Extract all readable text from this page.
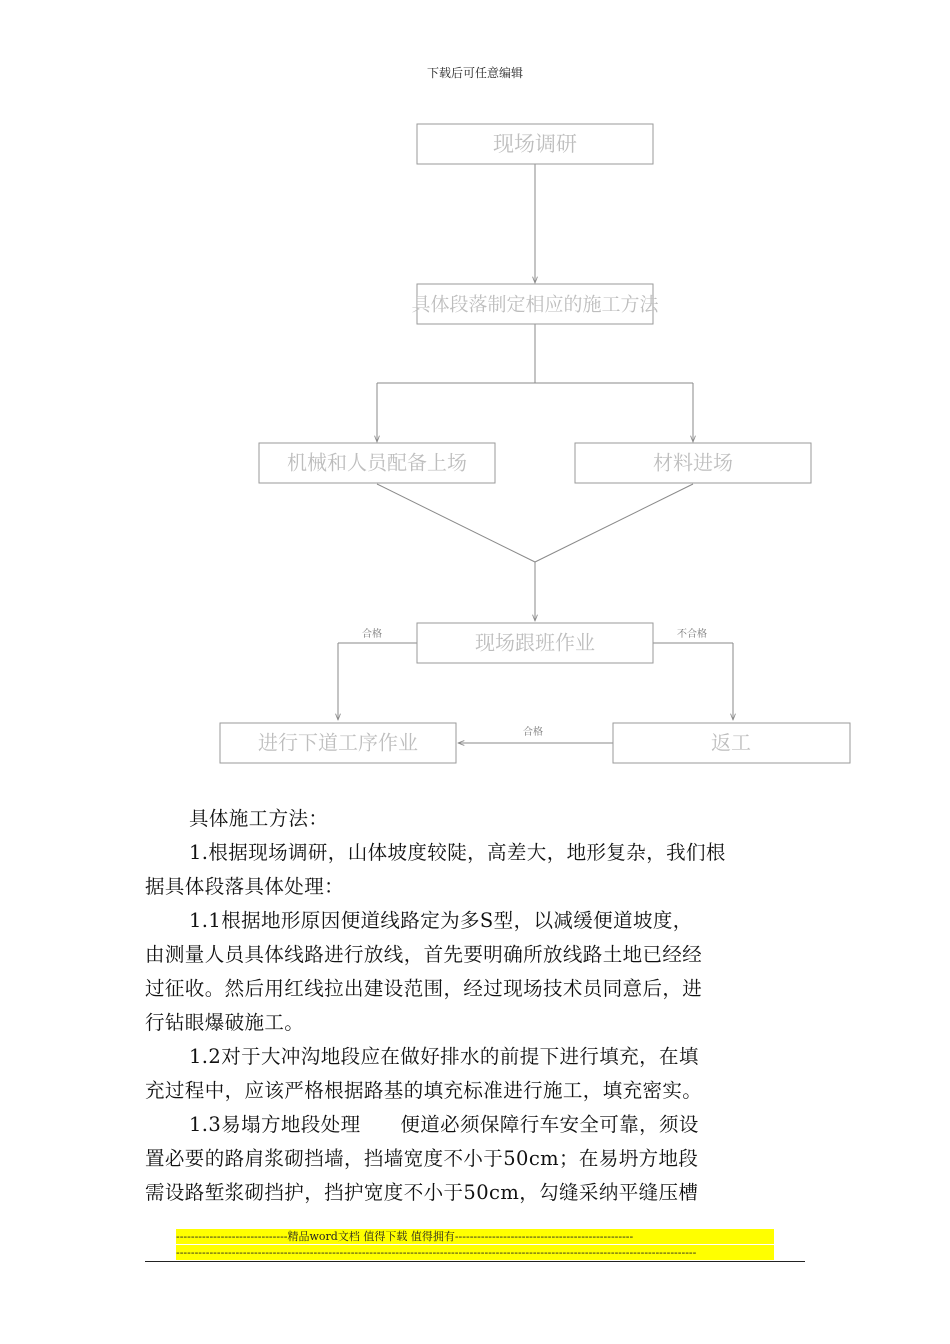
下载后可任意编辑
现场调研
具体段落制定相应的施工方法
机械和人员配备上场	材料进场
现场跟班作业
进行下道工序作业	返工
合格	不合格
合格

具体施工方法：

1.根据现场调研，山体坡度较陡，高差大，地形复杂，我们根

据具体段落具体处理：

1.1根据地形原因便道线路定为多S型，以减缓便道坡度，

由测量人员具体线路进行放线，首先要明确所放线路土地已经经

过征收。然后用红线拉出建设范围，经过现场技术员同意后，进

行钻眼爆破施工。

1.2对于大冲沟地段应在做好排水的前提下进行填充，在填

充过程中，应该严格根据路基的填充标准进行施工，填充密实。

1.3易塌方地段处理　　便道必须保障行车安全可靠，须设

置必要的路肩浆砌挡墙，挡墙宽度不小于50cm；在易坍方地段

需设路堑浆砌挡护，挡护宽度不小于50cm，勾缝采纳平缝压槽

------------------------------精品word文档 值得下载 值得拥有------------------------------------------------
--------------------------------------------------------------------------------------------------------------------------------------------
